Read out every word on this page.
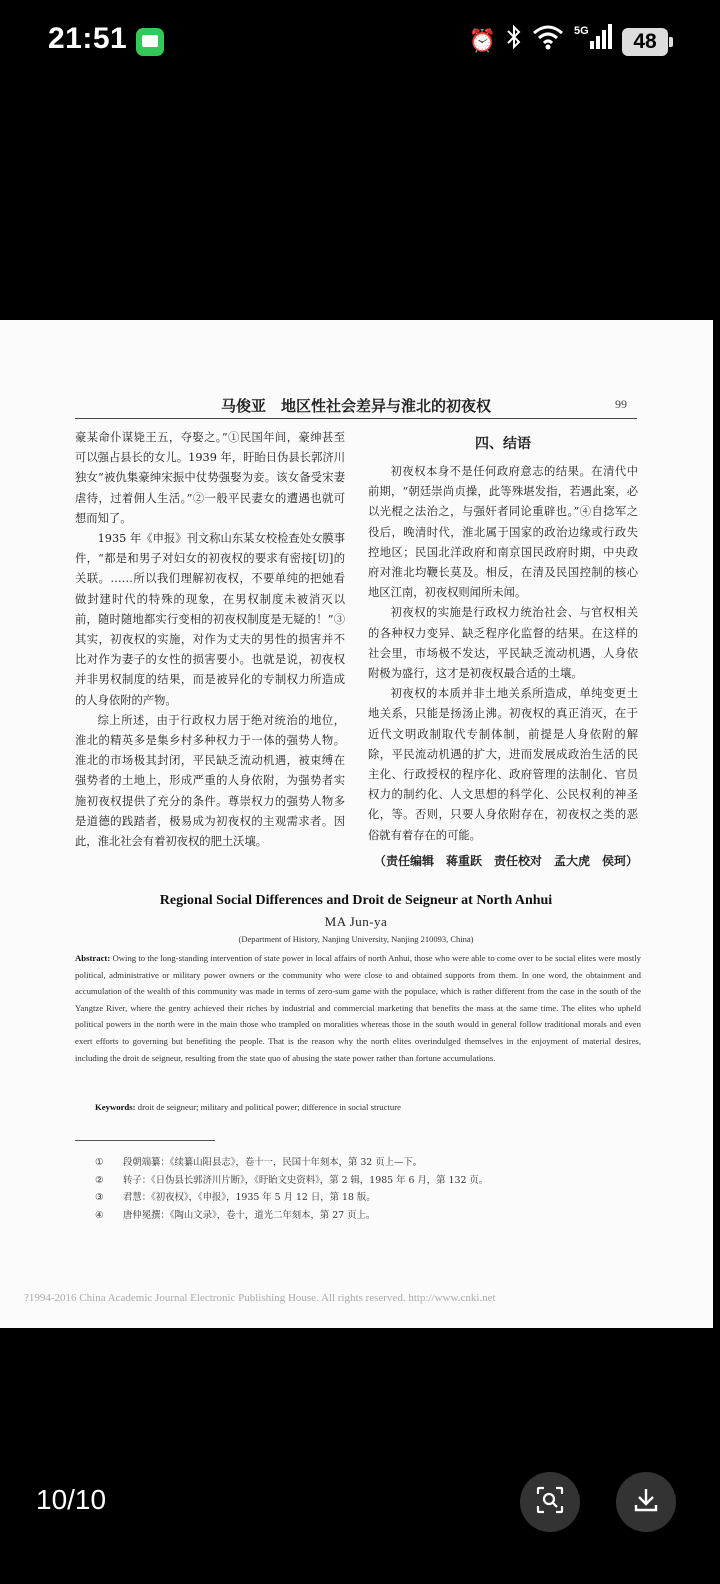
21:51	⏰	5G	48
马俊亚　地区性社会差异与淮北的初夜权	99

豪某命仆谋毙王五，夺娶之。”①民国年间，豪绅甚至可以强占县长的女儿。1939 年，盱眙日伪县长郭济川独女“被仇集豪绅宋振中仗势强娶为妾。该女备受宋妻虐待，过着佣人生活。”②一般平民妻女的遭遇也就可想而知了。

1935 年《申报》刊文称山东某女校检查处女膜事件，“都是和男子对妇女的初夜权的要求有密接[切]的关联。……所以我们理解初夜权，不要单纯的把她看做封建时代的特殊的现象，在男权制度未被消灭以前，随时随地都实行变相的初夜权制度是无疑的！”③其实，初夜权的实施，对作为丈夫的男性的损害并不比对作为妻子的女性的损害要小。也就是说，初夜权并非男权制度的结果，而是被异化的专制权力所造成的人身依附的产物。

综上所述，由于行政权力居于绝对统治的地位，淮北的精英多是集乡村多种权力于一体的强势人物。淮北的市场极其封闭，平民缺乏流动机遇，被束缚在强势者的土地上，形成严重的人身依附，为强势者实施初夜权提供了充分的条件。尊崇权力的强势人物多是道德的践踏者，极易成为初夜权的主观需求者。因此，淮北社会有着初夜权的肥土沃壤。

四、结语

初夜权本身不是任何政府意志的结果。在清代中前期，“朝廷崇尚贞操，此等殊堪发指，若遇此案，必以光棍之法治之，与强奸者同论重辟也。”④自捻军之役后，晚清时代，淮北属于国家的政治边缘或行政失控地区；民国北洋政府和南京国民政府时期，中央政府对淮北均鞭长莫及。相反，在清及民国控制的核心地区江南，初夜权则闻所未闻。

初夜权的实施是行政权力统治社会、与官权相关的各种权力变异、缺乏程序化监督的结果。在这样的社会里，市场极不发达，平民缺乏流动机遇，人身依附极为盛行，这才是初夜权最合适的土壤。

初夜权的本质并非土地关系所造成，单纯变更土地关系，只能是扬汤止沸。初夜权的真正消灭，在于近代文明政制取代专制体制，前提是人身依附的解除，平民流动机遇的扩大，进而发展成政治生活的民主化、行政授权的程序化、政府管理的法制化、官员权力的制约化、人文思想的科学化、公民权利的神圣化，等。否则，只要人身依附存在，初夜权之类的恶俗就有着存在的可能。

（责任编辑　蒋重跃　责任校对　孟大虎　侯珂）
Regional Social Differences and Droit de Seigneur at North Anhui
MA Jun-ya
(Department of History, Nanjing University, Nanjing 210093, China)
Abstract: Owing to the long-standing intervention of state power in local affairs of north Anhui, those who were able to come over to be social elites were mostly political, administrative or military power owners or the community who were close to and obtained supports from them. In one word, the obtainment and accumulation of the wealth of this community was made in terms of zero-sum game with the populace, which is rather different from the case in the south of the Yangtze River, where the gentry achieved their riches by industrial and commercial marketing that benefits the mass at the same time. The elites who upheld political powers in the north were in the main those who trampled on moralities whereas those in the south would in general follow traditional morals and even exert efforts to governing but benefiting the people. That is the reason why the north elites overindulged themselves in the enjoyment of material desires, including the droit de seigneur, resulting from the state quo of abusing the state power rather than fortune accumulations.
Keywords: droit de seigneur; military and political power; difference in social structure
①	段朝端纂：《续纂山阳县志》，卷十一，民国十年刻本，第 32 页上—下。
②	转子：《日伪县长郭济川片断》，《盱眙文史资料》，第 2 辑，1985 年 6 月，第 132 页。
③	君慧：《初夜权》，《申报》，1935 年 5 月 12 日，第 18 版。
④	唐仲冕撰：《陶山文录》，卷十，道光二年刻本，第 27 页上。
?1994-2016 China Academic Journal Electronic Publishing House. All rights reserved. http://www.cnki.net
10/10
